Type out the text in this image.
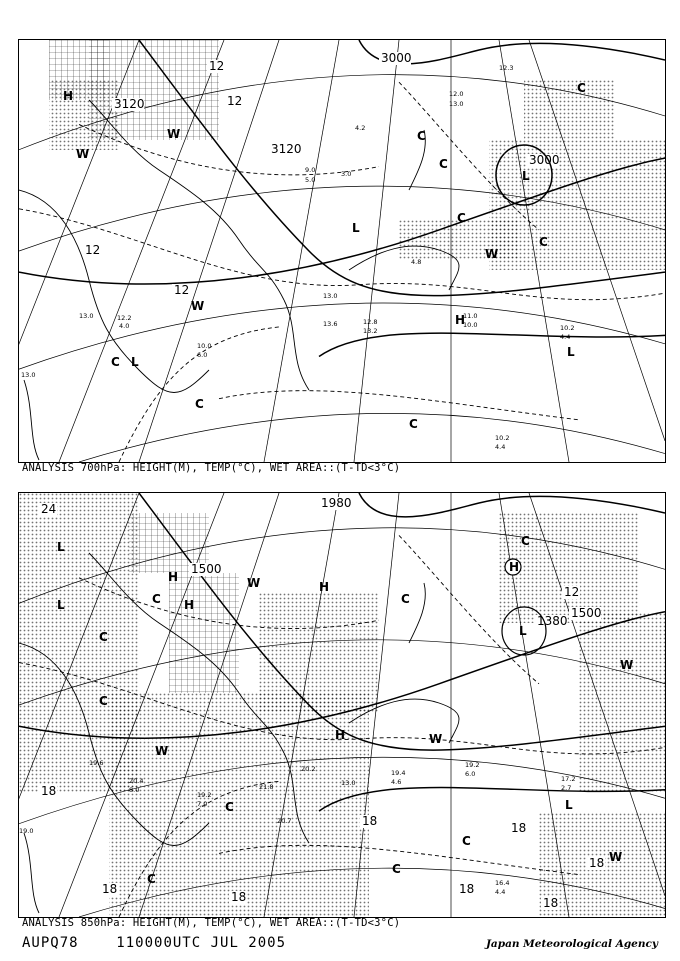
3120
3120
3000
3000
12
12
12
12
11.0
10.0	10.2
4.4
10.2
4.4
13.0
13.6	12.8
13.2
4.0
12.2
10.0
6.0
13.0
13.0
9.0
5.0
4.2
3.0
12.0
13.0
12.3
4.8
H
W
W
L
C
C
C
C
C
L
W
H
L
W
C L
C
C
ANALYSIS 700hPa: HEIGHT(M), TEMP(°C), WET AREA::(T-TD<3°C)
1500
1500
1980
1380
24
12
18
18	18
18
18
18
18
18
20.4
8.0
19.6
19.0
19.4
4.6
19.2
6.0
17.2
2.7
21.8
20.2
19.2
7.0
16.4
4.4
20.7
13.0
L
L
C
C
H
H
W	H
C
C
L
W
W
W
H
L
W
C
C
C
C
C
H
ANALYSIS 850hPa: HEIGHT(M), TEMP(°C), WET AREA::(T-TD<3°C)
AUPQ78	110000UTC JUL 2005	Japan Meteorological Agency
